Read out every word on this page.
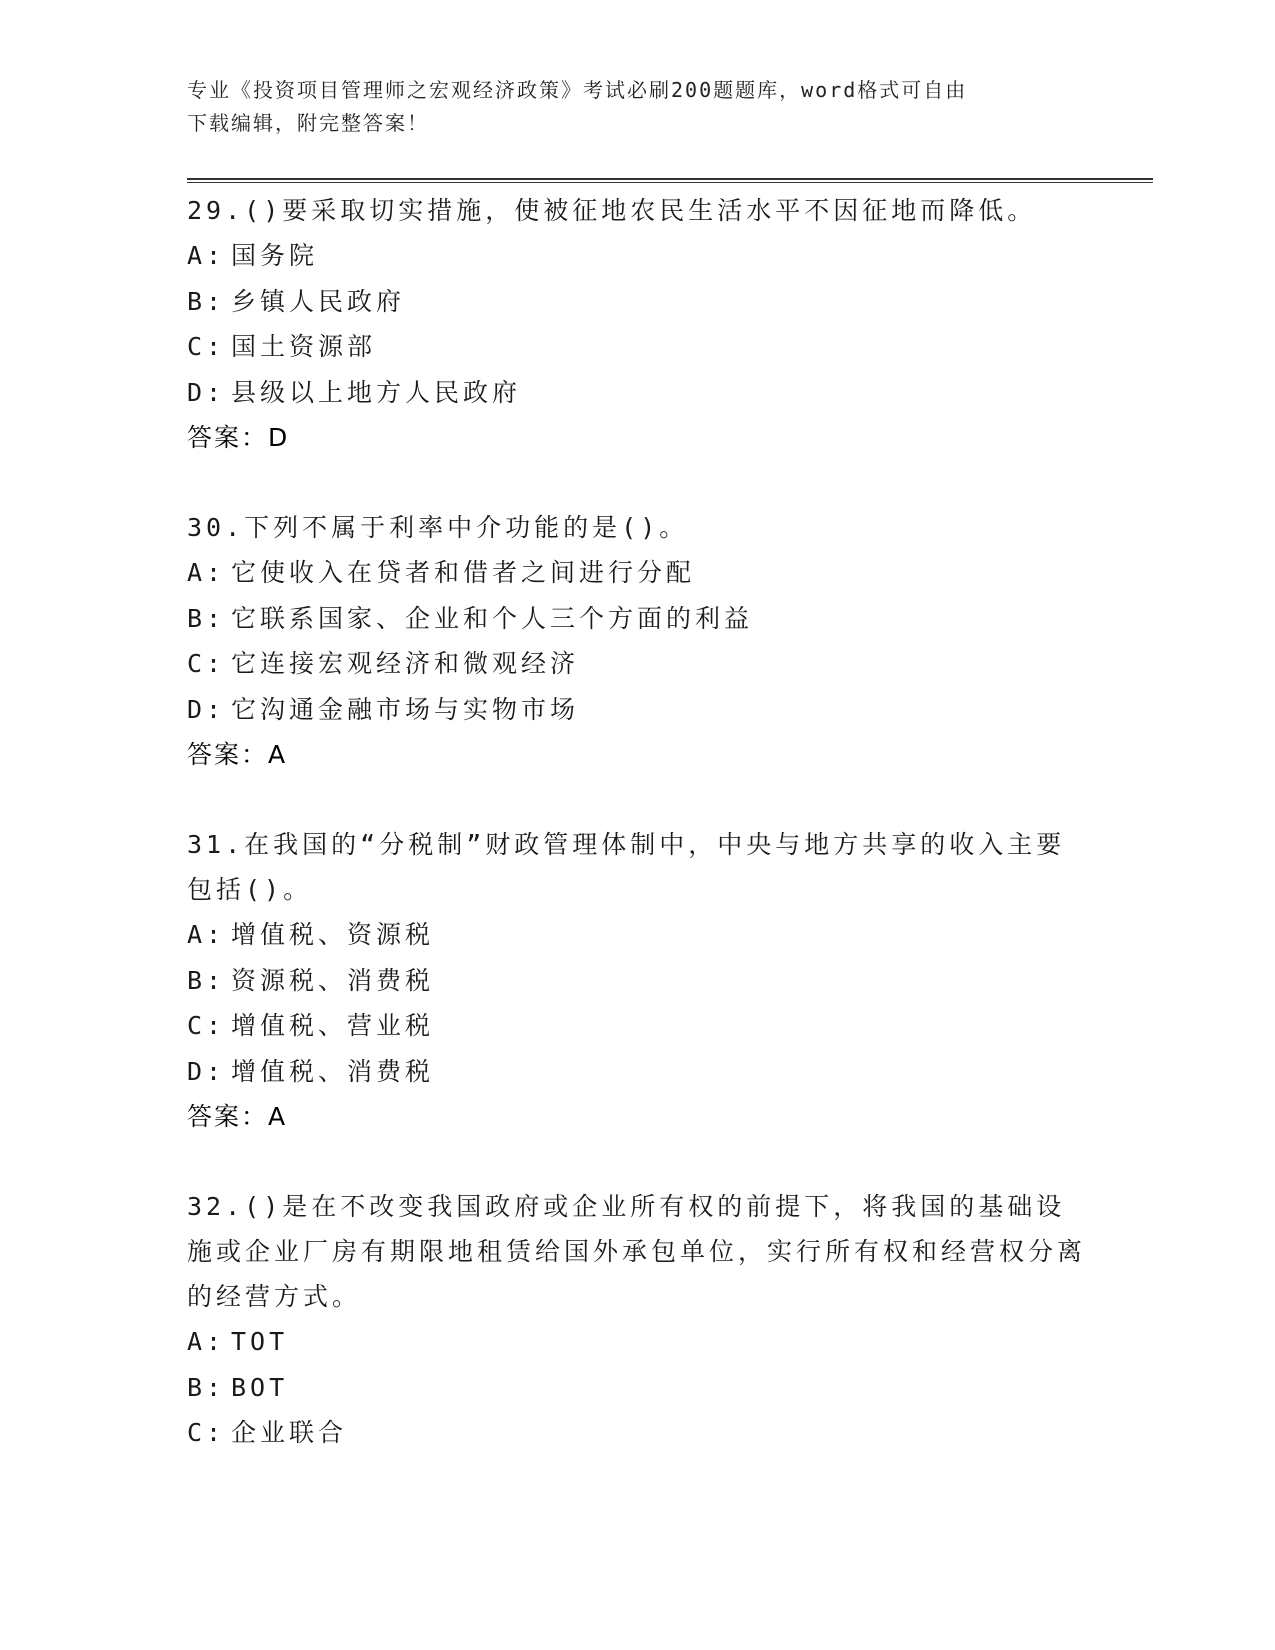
专业《投资项目管理师之宏观经济政策》考试必刷200题题库，word格式可自由
下载编辑，附完整答案！
29.()要采取切实措施，使被征地农民生活水平不因征地而降低。
A: 国务院
B: 乡镇人民政府
C: 国土资源部
D: 县级以上地方人民政府
答案：D
30.下列不属于利率中介功能的是()。
A: 它使收入在贷者和借者之间进行分配
B: 它联系国家、企业和个人三个方面的利益
C: 它连接宏观经济和微观经济
D: 它沟通金融市场与实物市场
答案：A
31.在我国的“分税制”财政管理体制中，中央与地方共享的收入主要包括()。
A: 增值税、资源税
B: 资源税、消费税
C: 增值税、营业税
D: 增值税、消费税
答案：A
32.()是在不改变我国政府或企业所有权的前提下，将我国的基础设施或企业厂房有期限地租赁给国外承包单位，实行所有权和经营权分离的经营方式。
A: TOT
B: BOT
C: 企业联合
